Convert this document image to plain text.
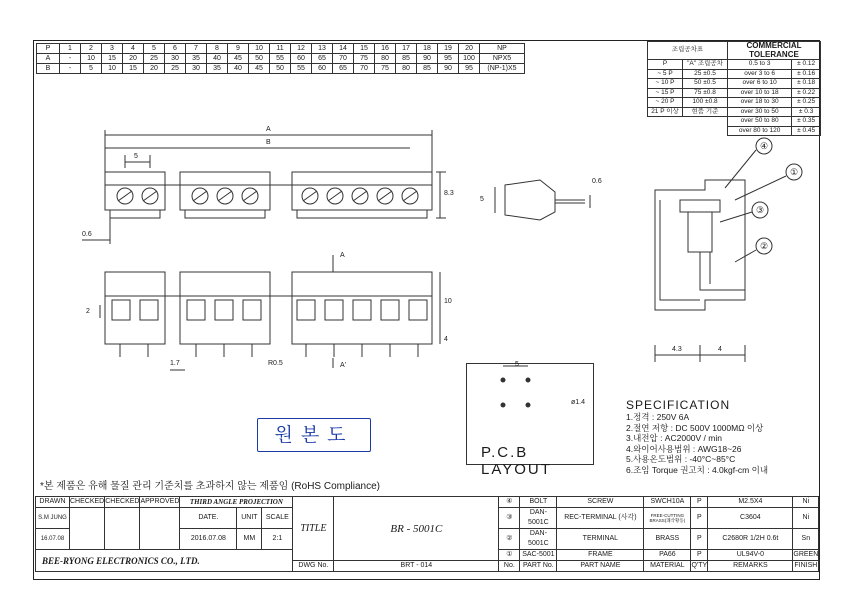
P	1	2	3	4	5	6	7	8	9	10	11	12	13	14	15	16	17	18	19	20	NP
A	-	10	15	20	25	30	35	40	45	50	55	60	65	70	75	80	85	90	95	100	NPX5
B	-	5	10	15	20	25	30	35	40	45	50	55	60	65	70	75	80	85	90	95	(NP-1)X5
조립공차표		COMMERCIAL TOLERANCE	
P	"A" 조립공차	0.5 to 3	± 0.12
~ 5 P	25 ±0.5	over 3 to 6	± 0.16
~ 10 P	50 ±0.5	over 6 to 10	± 0.18
~ 15 P	75 ±0.8	over 10 to 18	± 0.22
~ 20 P	100 ±0.8	over 18 to 30	± 0.25
21 P 이상	현품 기준	over 30 to 50	± 0.3
		over 50 to 80	± 0.35
		over 80 to 120	± 0.45
A
B
5
0.6
8.3
0.6
5
2
10
4
R0.5
1.7
A
A'
④
①
③
②
4.3	4
5
ø1.4
P.C.B LAYOUT
SPECIFICATION
1.정격 : 250V 6A
2.절연 저항 : DC 500V 1000MΩ 이상
3.내전압 : AC2000V / min
4.와이어사용범위 : AWG18~26
5.사용온도범위 : -40°C~85°C
6.조임 Torque 권고치 : 4.0kgf-cm 이내
원본도
*본 제품은 유해 물질 관리 기준치를 초과하지 않는 제품임 (RoHS Compliance)
DRAWN	CHECKED	CHECKED	APPROVED	THIRD ANGLE PROJECTION			TITLE	BR - 5001C	④	BOLT	SCREW	SWCH10A	P	M2.5X4	Ni
S.M JUNG				DATE.	UNIT	SCALE			③	DAN-5001C	REC-TERMINAL (사각)	FREE-CUTTING BRASS(쾌삭황동)	P	C3604	Ni
16.07.08				2016.07.08	MM	2:1			②	DAN-5001C	TERMINAL	BRASS	P	C2680R 1/2H 0.6t	Sn
BEE-RYONG ELECTRONICS CO., LTD.									①	SAC-5001	FRAME	PA66	P	UL94V-0	GREEN
							DWG No.	BRT - 014	No.	PART No.	PART NAME	MATERIAL	Q'TY	REMARKS	FINISH
